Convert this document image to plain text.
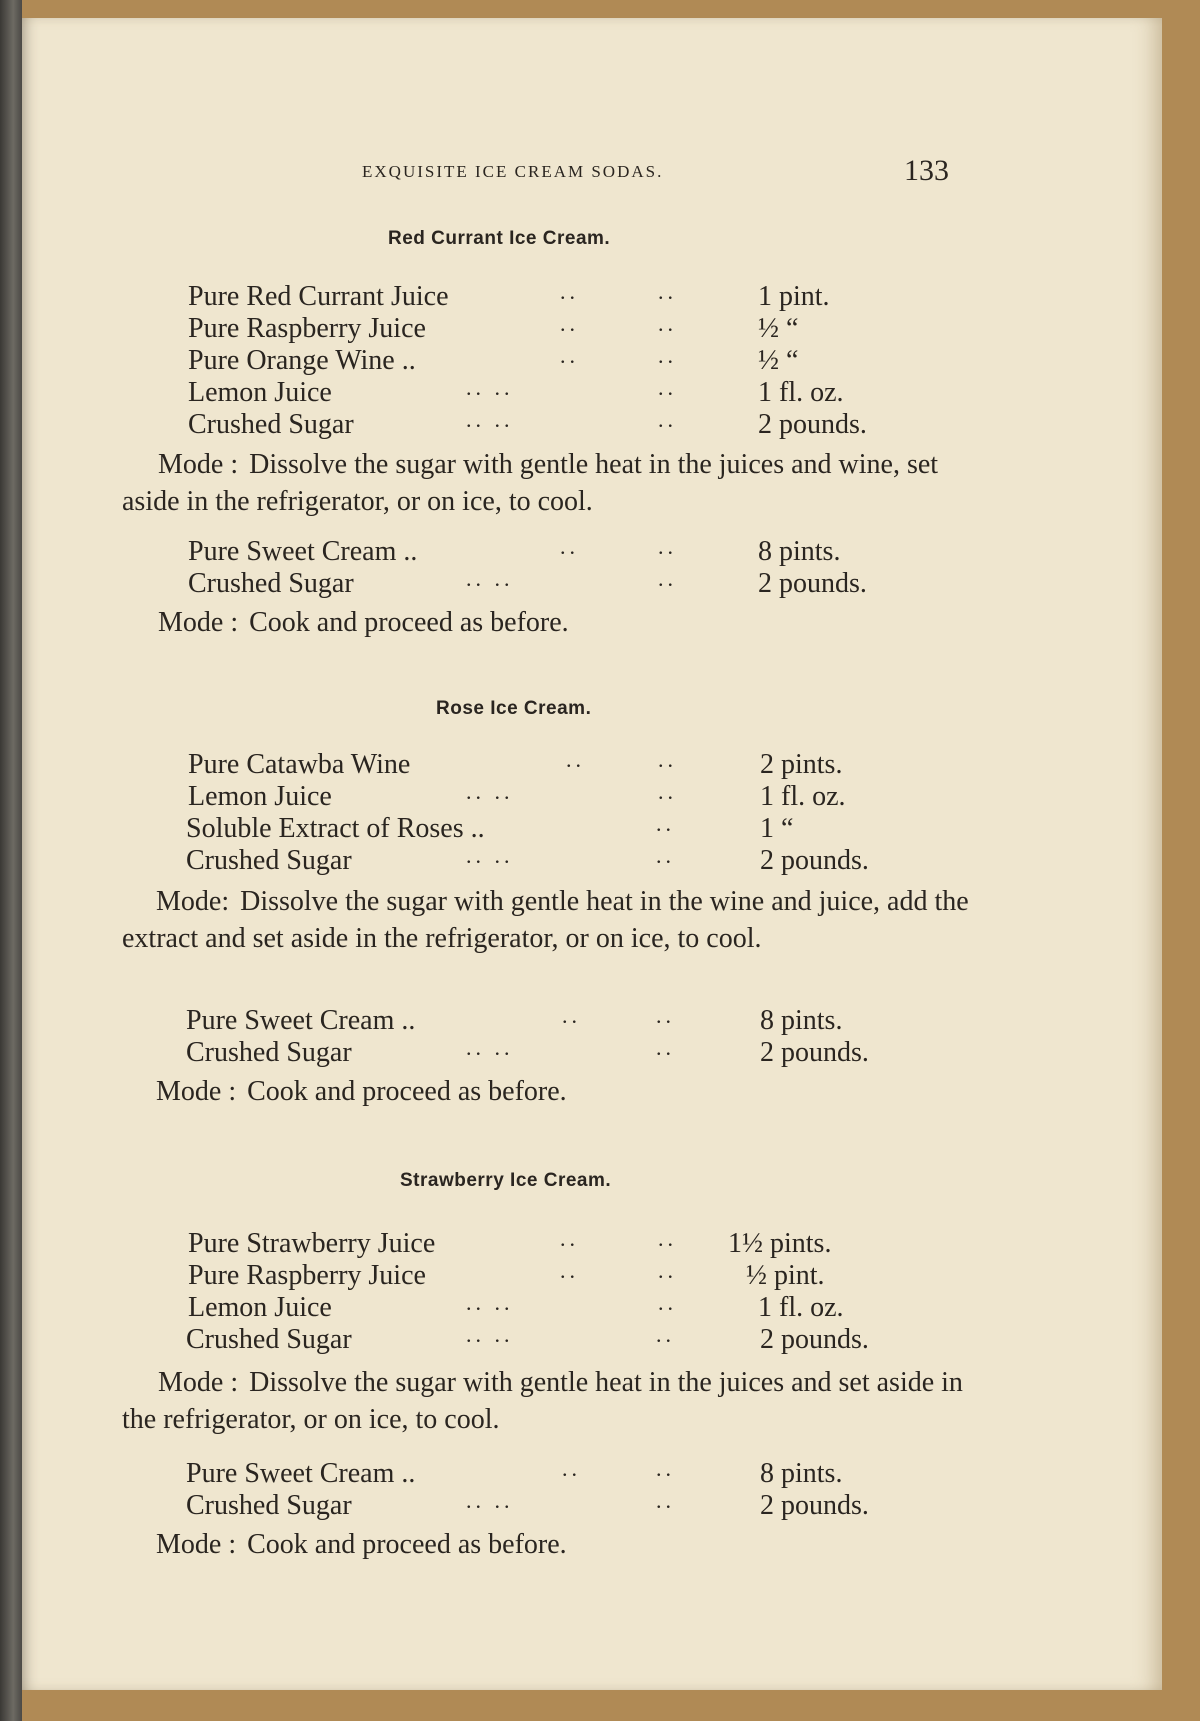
EXQUISITE ICE CREAM SODAS.	133
Red Currant Ice Cream.
Pure Red Currant Juice	..	..	1 pint.
Pure Raspberry Juice	..	..	½ “
Pure Orange Wine ..	..	..	½ “
Lemon Juice	.. ..	..	1 fl. oz.
Crushed Sugar	.. ..	..	2 pounds.
Mode : Dissolve the sugar with gentle heat in the juices and wine, set aside in the refrigerator, or on ice, to cool.
Pure Sweet Cream ..	..	..	8 pints.
Crushed Sugar	.. ..	..	2 pounds.
Mode : Cook and proceed as before.
Rose Ice Cream.
Pure Catawba Wine	..	..	2 pints.
Lemon Juice	.. ..	..	1 fl. oz.
Soluble Extract of Roses ..	..	1 “
Crushed Sugar	.. ..	..	2 pounds.
Mode: Dissolve the sugar with gentle heat in the wine and juice, add the extract and set aside in the refrigerator, or on ice, to cool.
Pure Sweet Cream ..	..	..	8 pints.
Crushed Sugar	.. ..	..	2 pounds.
Mode : Cook and proceed as before.
Strawberry Ice Cream.
Pure Strawberry Juice	..	.. 1½ pints.
Pure Raspberry Juice	..	.. ½ pint.
Lemon Juice	.. ..	..	1 fl. oz.
Crushed Sugar	.. ..	..	2 pounds.
Mode : Dissolve the sugar with gentle heat in the juices and set aside in the refrigerator, or on ice, to cool.
Pure Sweet Cream ..	..	..	8 pints.
Crushed Sugar	.. ..	..	2 pounds.
Mode : Cook and proceed as before.
